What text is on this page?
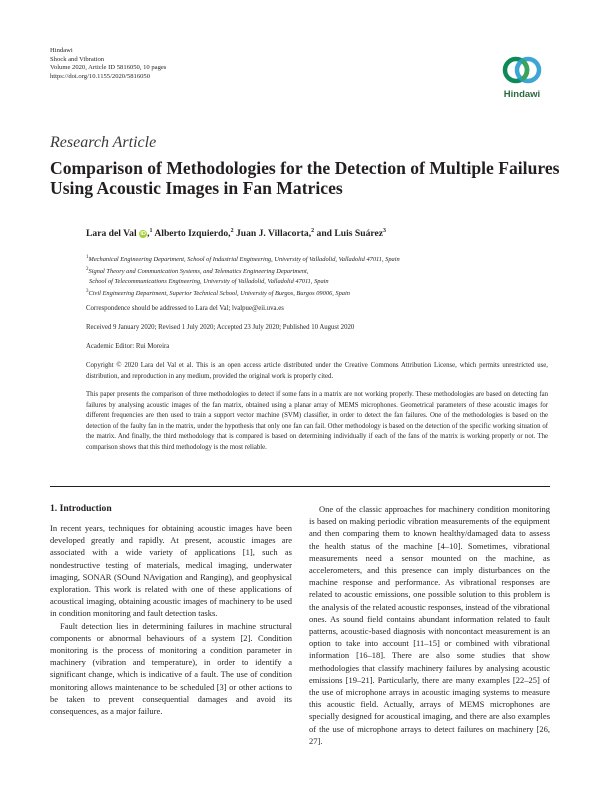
Hindawi
Shock and Vibration
Volume 2020, Article ID 5816050, 10 pages
https://doi.org/10.1155/2020/5816050
Hindawi
Research Article
Comparison of Methodologies for the Detection of Multiple Failures Using Acoustic Images in Fan Matrices
Lara del Val iD,$^1$ Alberto Izquierdo,$^2$ Juan J. Villacorta,$^2$ and Luis Suárez$^3$
$^1$Mechanical Engineering Department, School of Industrial Engineering, University of Valladolid, Valladolid 47011, Spain
$^2$Signal Theory and Communication Systems, and Telematics Engineering Department,
School of Telecommunications Engineering, University of Valladolid, Valladolid 47011, Spain
$^3$Civil Engineering Department, Superior Technical School, University of Burgos, Burgos 09006, Spain
Correspondence should be addressed to Lara del Val; lvalpue@eii.uva.es
Received 9 January 2020; Revised 1 July 2020; Accepted 23 July 2020; Published 10 August 2020
Academic Editor: Rui Moreira
Copyright © 2020 Lara del Val et al. This is an open access article distributed under the Creative Commons Attribution License, which permits unrestricted use, distribution, and reproduction in any medium, provided the original work is properly cited.
This paper presents the comparison of three methodologies to detect if some fans in a matrix are not working properly. These methodologies are based on detecting fan failures by analysing acoustic images of the fan matrix, obtained using a planar array of MEMS microphones. Geometrical parameters of these acoustic images for different frequencies are then used to train a support vector machine (SVM) classifier, in order to detect the fan failures. One of the methodologies is based on the detection of the faulty fan in the matrix, under the hypothesis that only one fan can fail. Other methodology is based on the detection of the specific working situation of the matrix. And finally, the third methodology that is compared is based on determining individually if each of the fans of the matrix is working properly or not. The comparison shows that this third methodology is the most reliable.
1. Introduction

In recent years, techniques for obtaining acoustic images have been developed greatly and rapidly. At present, acoustic images are associated with a wide variety of applications [1], such as nondestructive testing of materials, medical imaging, underwater imaging, SONAR (SOund NAvigation and Ranging), and geophysical exploration. This work is related with one of these applications of acoustical imaging, obtaining acoustic images of machinery to be used in condition monitoring and fault detection tasks.

Fault detection lies in determining failures in machine structural components or abnormal behaviours of a system [2]. Condition monitoring is the process of monitoring a condition parameter in machinery (vibration and temperature), in order to identify a significant change, which is indicative of a fault. The use of condition monitoring allows maintenance to be scheduled [3] or other actions to be taken to prevent consequential damages and avoid its consequences, as a major failure.

One of the classic approaches for machinery condition monitoring is based on making periodic vibration measurements of the equipment and then comparing them to known healthy/damaged data to assess the health status of the machine [4–10]. Sometimes, vibrational measurements need a sensor mounted on the machine, as accelerometers, and this presence can imply disturbances on the machine response and performance. As vibrational responses are related to acoustic emissions, one possible solution to this problem is the analysis of the related acoustic responses, instead of the vibrational ones. As sound field contains abundant information related to fault patterns, acoustic-based diagnosis with noncontact measurement is an option to take into account [11–15] or combined with vibrational information [16–18]. There are also some studies that show methodologies that classify machinery failures by analysing acoustic emissions [19–21]. Particularly, there are many examples [22–25] of the use of microphone arrays in acoustic imaging systems to measure this acoustic field. Actually, arrays of MEMS microphones are specially designed for acoustical imaging, and there are also examples of the use of microphone arrays to detect failures on machinery [26, 27].
